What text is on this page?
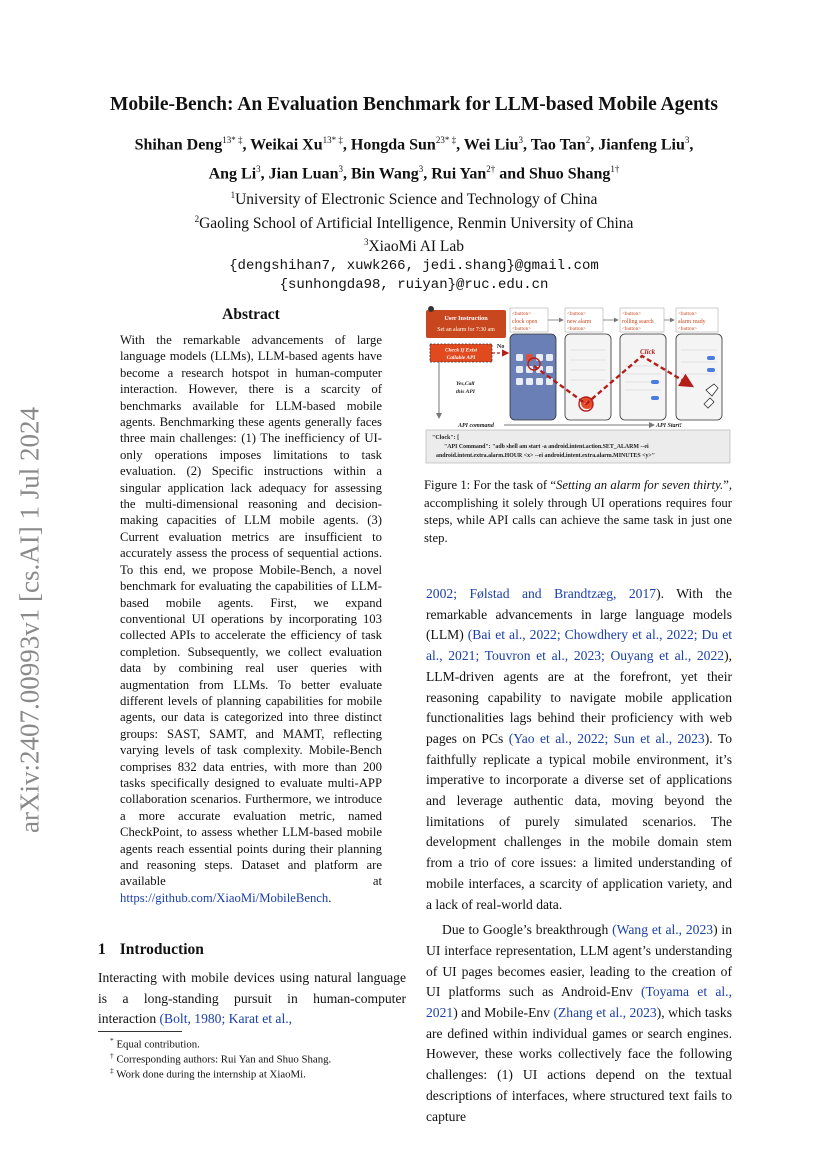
arXiv:2407.00993v1 [cs.AI] 1 Jul 2024
Mobile-Bench: An Evaluation Benchmark for LLM-based Mobile Agents
Shihan Deng$^{13* \ddagger}$, Weikai $Xu^{13* \ddagger}$, Hongda Sun$^{23* \ddagger}$, Wei Liu$^3$, Tao Tan$^2$, Jianfeng Liu$^3$,
Ang Li$^3$, Jian Luan$^3$, Bin Wang$^3$, Rui Yan$^{2\dagger}$ and Shuo Shang$^{1\dagger}$
$^1$University of Electronic Science and Technology of China
$^2$Gaoling School of Artificial Intelligence, Renmin University of China
$^3$XiaoMi AI Lab
{dengshihan7, xuwk266, jedi.shang}@gmail.com
{sunhongda98, ruiyan}@ruc.edu.cn
Abstract
With the remarkable advancements of large language models (LLMs), LLM-based agents have become a research hotspot in human-computer interaction. However, there is a scarcity of benchmarks available for LLM-based mobile agents. Benchmarking these agents generally faces three main challenges: (1) The inefficiency of UI-only operations imposes limitations to task evaluation. (2) Specific instructions within a singular application lack adequacy for assessing the multi-dimensional reasoning and decision-making capacities of LLM mobile agents. (3) Current evaluation metrics are insufficient to accurately assess the process of sequential actions. To this end, we propose Mobile-Bench, a novel benchmark for evaluating the capabilities of LLM-based mobile agents. First, we expand conventional UI operations by incorporating 103 collected APIs to accelerate the efficiency of task completion. Subsequently, we collect evaluation data by combining real user queries with augmentation from LLMs. To better evaluate different levels of planning capabilities for mobile agents, our data is categorized into three distinct groups: SAST, SAMT, and MAMT, reflecting varying levels of task complexity. Mobile-Bench comprises 832 data entries, with more than 200 tasks specifically designed to evaluate multi-APP collaboration scenarios. Furthermore, we introduce a more accurate evaluation metric, named CheckPoint, to assess whether LLM-based mobile agents reach essential points during their planning and reasoning steps. Dataset and platform are available at https://github.com/XiaoMi/MobileBench.
1 Introduction
Interacting with mobile devices using natural language is a long-standing pursuit in human-computer interaction (Bolt, 1980; Karat et al.,
* Equal contribution.
† Corresponding authors: Rui Yan and Shuo Shang.
‡ Work done during the internship at XiaoMi.
User Instruction
Set an alarm for 7:30 am
Check If Exist
Callable API
No
Yes,Call
this API
API command	API Start!
<button>
clock open
<button>
<button>
new alarm
<button>
<button>
rolling search
<button>
<button>
alarm ready
<button>
+
Click
"Clock": [
"API Command": "adb shell am start -a android.intent.action.SET_ALARM --ei
android.intent.extra.alarm.HOUR <x> --ei android.intent.extra.alarm.MINUTES <y>"
Figure 1: For the task of “Setting an alarm for seven thirty.”, accomplishing it solely through UI operations requires four steps, while API calls can achieve the same task in just one step.

2002; Følstad and Brandtzæg, 2017). With the remarkable advancements in large language models (LLM) (Bai et al., 2022; Chowdhery et al., 2022; Du et al., 2021; Touvron et al., 2023; Ouyang et al., 2022), LLM-driven agents are at the forefront, yet their reasoning capability to navigate mobile application functionalities lags behind their proficiency with web pages on PCs (Yao et al., 2022; Sun et al., 2023). To faithfully replicate a typical mobile environment, it’s imperative to incorporate a diverse set of applications and leverage authentic data, moving beyond the limitations of purely simulated scenarios. The development challenges in the mobile domain stem from a trio of core issues: a limited understanding of mobile interfaces, a scarcity of application variety, and a lack of real-world data.

Due to Google’s breakthrough (Wang et al., 2023) in UI interface representation, LLM agent’s understanding of UI pages becomes easier, leading to the creation of UI platforms such as Android-Env (Toyama et al., 2021) and Mobile-Env (Zhang et al., 2023), which tasks are defined within individual games or search engines. However, these works collectively face the following challenges: (1) UI actions depend on the textual descriptions of interfaces, where structured text fails to capture
